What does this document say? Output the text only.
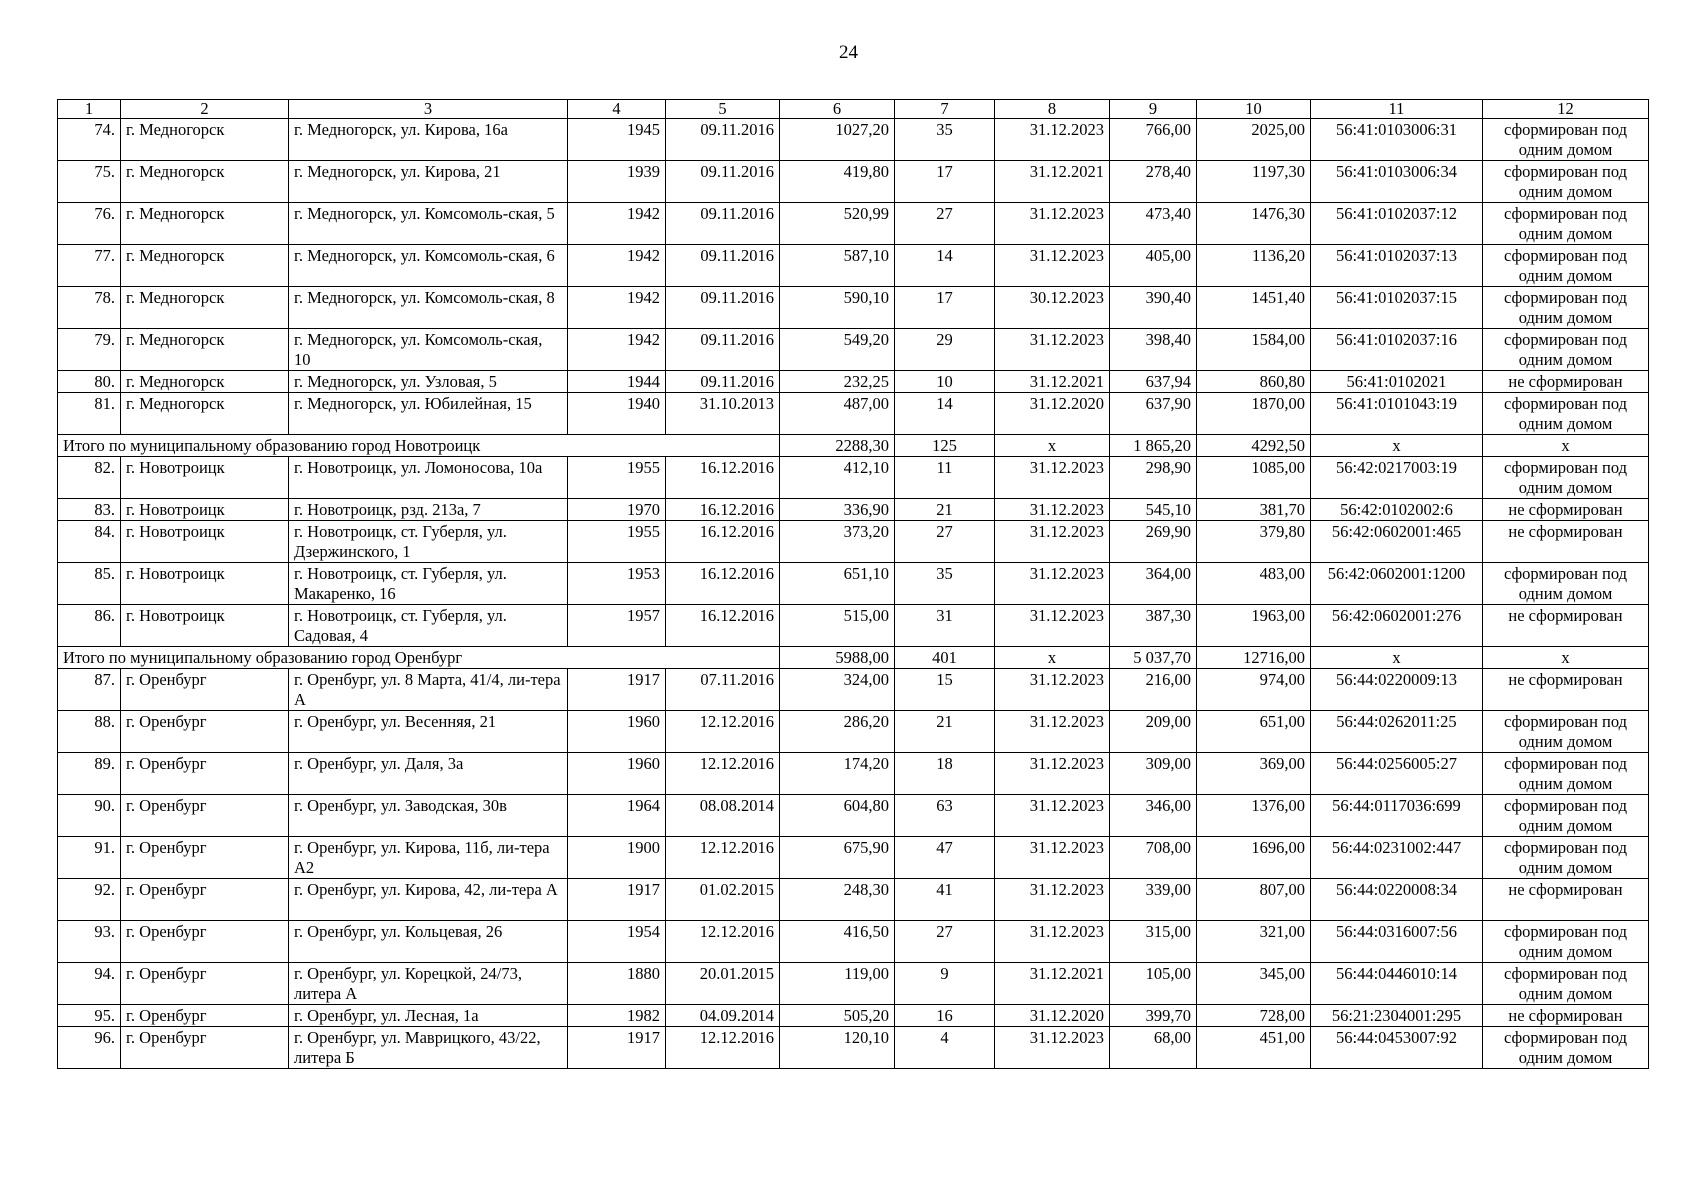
24
1	2	3	4	5	6	7	8	9	10	11	12
74.	г. Медногорск	г. Медногорск, ул. Кирова, 16а	1945	09.11.2016	1027,20	35	31.12.2023	766,00	2025,00	56:41:0103006:31	сформирован под одним домом
75.	г. Медногорск	г. Медногорск, ул. Кирова, 21	1939	09.11.2016	419,80	17	31.12.2021	278,40	1197,30	56:41:0103006:34	сформирован под одним домом
76.	г. Медногорск	г. Медногорск, ул. Комсомоль-ская, 5	1942	09.11.2016	520,99	27	31.12.2023	473,40	1476,30	56:41:0102037:12	сформирован под одним домом
77.	г. Медногорск	г. Медногорск, ул. Комсомоль-ская, 6	1942	09.11.2016	587,10	14	31.12.2023	405,00	1136,20	56:41:0102037:13	сформирован под одним домом
78.	г. Медногорск	г. Медногорск, ул. Комсомоль-ская, 8	1942	09.11.2016	590,10	17	30.12.2023	390,40	1451,40	56:41:0102037:15	сформирован под одним домом
79.	г. Медногорск	г. Медногорск, ул. Комсомоль-ская, 10	1942	09.11.2016	549,20	29	31.12.2023	398,40	1584,00	56:41:0102037:16	сформирован под одним домом
80.	г. Медногорск	г. Медногорск, ул. Узловая, 5	1944	09.11.2016	232,25	10	31.12.2021	637,94	860,80	56:41:0102021	не сформирован
81.	г. Медногорск	г. Медногорск, ул. Юбилейная, 15	1940	31.10.2013	487,00	14	31.12.2020	637,90	1870,00	56:41:0101043:19	сформирован под одним домом
Итого по муниципальному образованию город Новотроицк					2288,30	125	х	1 865,20	4292,50	х	х
82.	г. Новотроицк	г. Новотроицк, ул. Ломоносова, 10а	1955	16.12.2016	412,10	11	31.12.2023	298,90	1085,00	56:42:0217003:19	сформирован под одним домом
83.	г. Новотроицк	г. Новотроицк, рзд. 213а, 7	1970	16.12.2016	336,90	21	31.12.2023	545,10	381,70	56:42:0102002:6	не сформирован
84.	г. Новотроицк	г. Новотроицк, ст. Губерля, ул. Дзержинского, 1	1955	16.12.2016	373,20	27	31.12.2023	269,90	379,80	56:42:0602001:465	не сформирован
85.	г. Новотроицк	г. Новотроицк, ст. Губерля, ул. Макаренко, 16	1953	16.12.2016	651,10	35	31.12.2023	364,00	483,00	56:42:0602001:1200	сформирован под одним домом
86.	г. Новотроицк	г. Новотроицк, ст. Губерля, ул. Садовая, 4	1957	16.12.2016	515,00	31	31.12.2023	387,30	1963,00	56:42:0602001:276	не сформирован
Итого по муниципальному образованию город Оренбург					5988,00	401	х	5 037,70	12716,00	х	х
87.	г. Оренбург	г. Оренбург, ул. 8 Марта, 41/4, ли-тера А	1917	07.11.2016	324,00	15	31.12.2023	216,00	974,00	56:44:0220009:13	не сформирован
88.	г. Оренбург	г. Оренбург, ул. Весенняя, 21	1960	12.12.2016	286,20	21	31.12.2023	209,00	651,00	56:44:0262011:25	сформирован под одним домом
89.	г. Оренбург	г. Оренбург, ул. Даля, 3а	1960	12.12.2016	174,20	18	31.12.2023	309,00	369,00	56:44:0256005:27	сформирован под одним домом
90.	г. Оренбург	г. Оренбург, ул. Заводская, 30в	1964	08.08.2014	604,80	63	31.12.2023	346,00	1376,00	56:44:0117036:699	сформирован под одним домом
91.	г. Оренбург	г. Оренбург, ул. Кирова, 11б, ли-тера А2	1900	12.12.2016	675,90	47	31.12.2023	708,00	1696,00	56:44:0231002:447	сформирован под одним домом
92.	г. Оренбург	г. Оренбург, ул. Кирова, 42, ли-тера А	1917	01.02.2015	248,30	41	31.12.2023	339,00	807,00	56:44:0220008:34	не сформирован
93.	г. Оренбург	г. Оренбург, ул. Кольцевая, 26	1954	12.12.2016	416,50	27	31.12.2023	315,00	321,00	56:44:0316007:56	сформирован под одним домом
94.	г. Оренбург	г. Оренбург, ул. Корецкой, 24/73, литера А	1880	20.01.2015	119,00	9	31.12.2021	105,00	345,00	56:44:0446010:14	сформирован под одним домом
95.	г. Оренбург	г. Оренбург, ул. Лесная, 1а	1982	04.09.2014	505,20	16	31.12.2020	399,70	728,00	56:21:2304001:295	не сформирован
96.	г. Оренбург	г. Оренбург, ул. Маврицкого, 43/22, литера Б	1917	12.12.2016	120,10	4	31.12.2023	68,00	451,00	56:44:0453007:92	сформирован под одним домом
